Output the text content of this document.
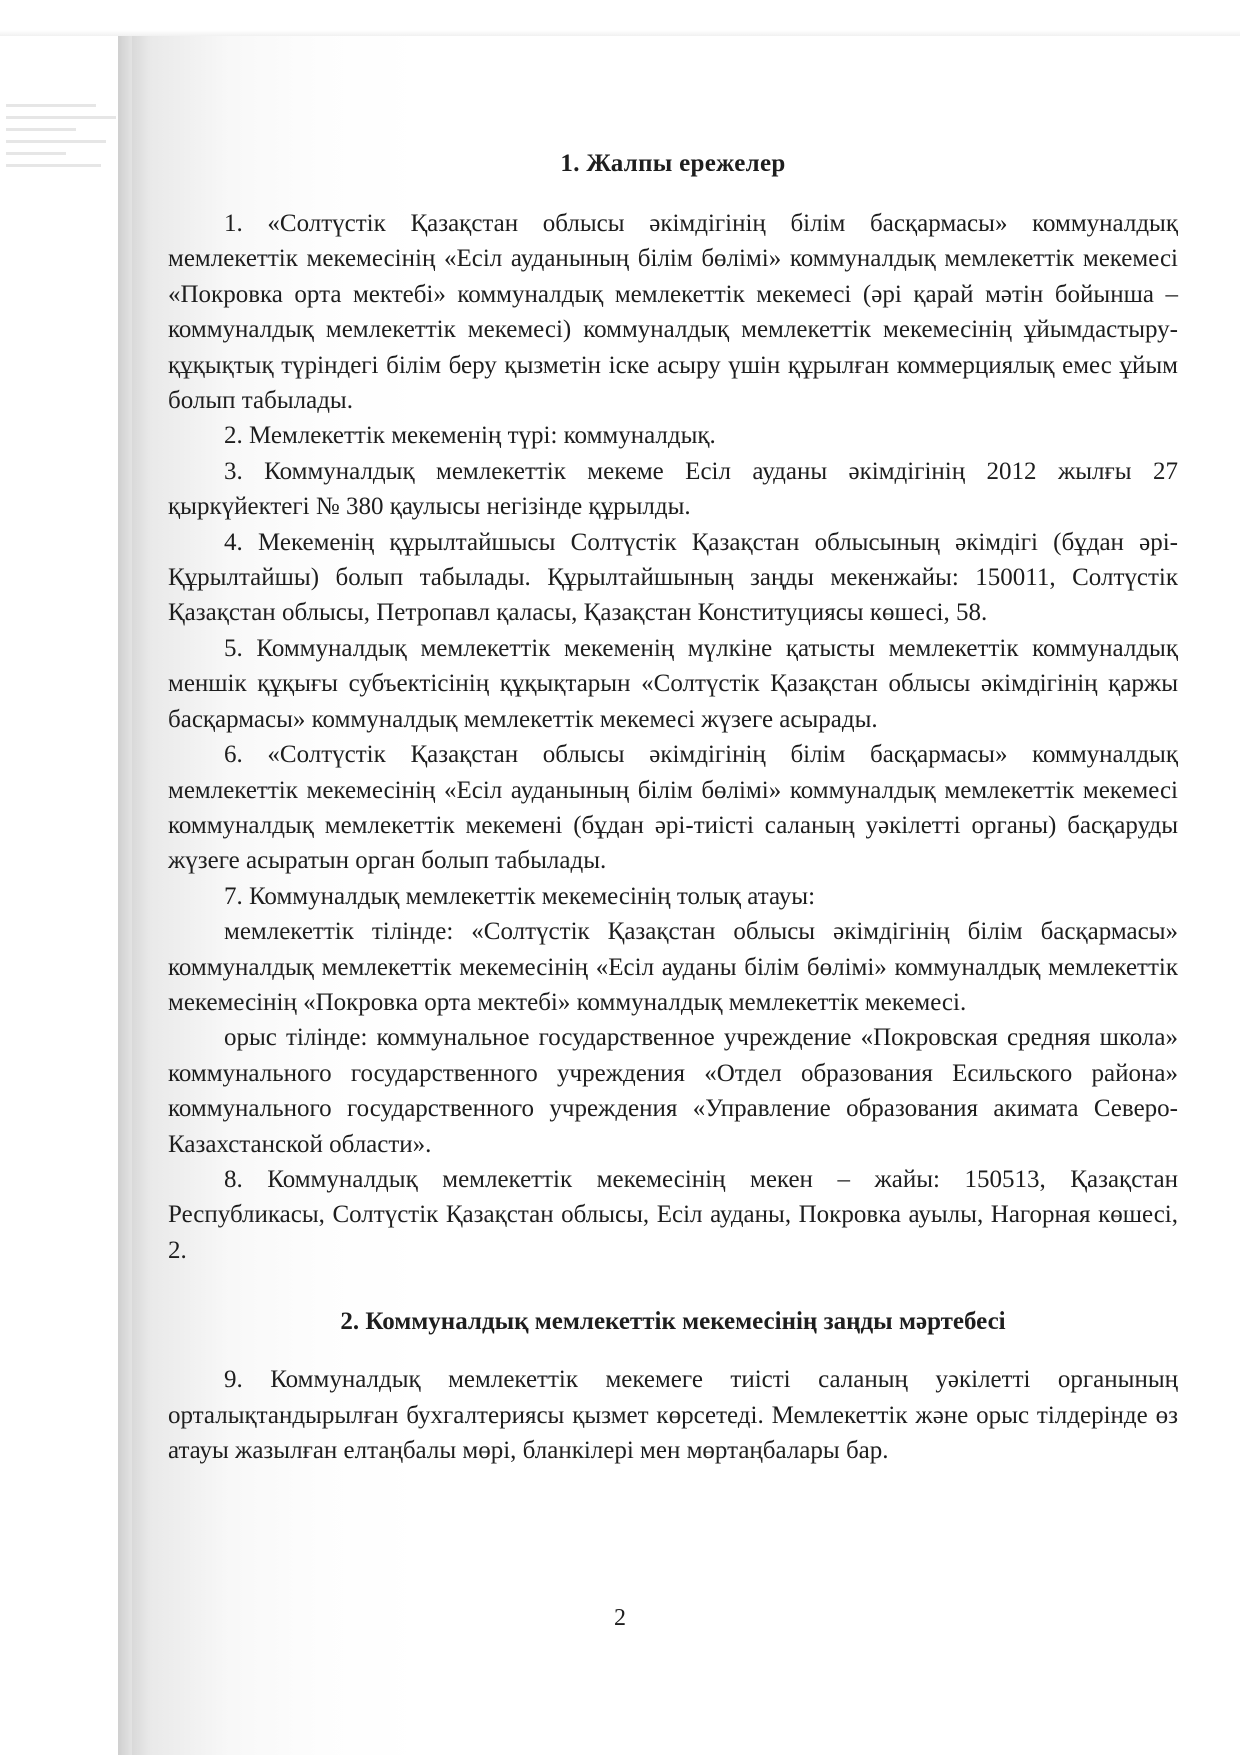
1. Жалпы ережелер

1. «Солтүстік Қазақстан облысы әкімдігінің білім басқармасы» коммуналдық мемлекеттік мекемесінің «Есіл ауданының білім бөлімі» коммуналдық мемлекеттік мекемесі «Покровка орта мектебі» коммуналдық мемлекеттік мекемесі (әрі қарай мәтін бойынша – коммуналдық мемлекеттік мекемесі) коммуналдық мемлекеттік мекемесінің ұйымдастыру-құқықтық түріндегі білім беру қызметін іске асыру үшін құрылған коммерциялық емес ұйым болып табылады.

2. Мемлекеттік мекеменің түрі: коммуналдық.

3. Коммуналдық мемлекеттік мекеме Есіл ауданы әкімдігінің 2012 жылғы 27 қыркүйектегі № 380 қаулысы негізінде құрылды.

4. Мекеменің құрылтайшысы Солтүстік Қазақстан облысының әкімдігі (бұдан әрі-Құрылтайшы) болып табылады. Құрылтайшының заңды мекенжайы: 150011, Солтүстік Қазақстан облысы, Петропавл қаласы, Қазақстан Конституциясы көшесі, 58.

5. Коммуналдық мемлекеттік мекеменің мүлкіне қатысты мемлекеттік коммуналдық меншік құқығы субъектісінің құқықтарын «Солтүстік Қазақстан облысы әкімдігінің қаржы басқармасы» коммуналдық мемлекеттік мекемесі жүзеге асырады.

6. «Солтүстік Қазақстан облысы әкімдігінің білім басқармасы» коммуналдық мемлекеттік мекемесінің «Есіл ауданының білім бөлімі» коммуналдық мемлекеттік мекемесі коммуналдық мемлекеттік мекемені (бұдан әрі-тиісті саланың уәкілетті органы) басқаруды жүзеге асыратын орган болып табылады.

7. Коммуналдық мемлекеттік мекемесінің толық атауы:

мемлекеттік тілінде: «Солтүстік Қазақстан облысы әкімдігінің білім басқармасы» коммуналдық мемлекеттік мекемесінің «Есіл ауданы білім бөлімі» коммуналдық мемлекеттік мекемесінің «Покровка орта мектебі» коммуналдық мемлекеттік мекемесі.

орыс тілінде: коммунальное государственное учреждение «Покровская средняя школа» коммунального государственного учреждения «Отдел образования Есильского района» коммунального государственного учреждения «Управление образования акимата Северо-Казахстанской области».

8. Коммуналдық мемлекеттік мекемесінің мекен – жайы: 150513, Қазақстан Республикасы, Солтүстік Қазақстан облысы, Есіл ауданы, Покровка ауылы, Нагорная көшесі, 2.

2. Коммуналдық мемлекеттік мекемесінің заңды мәртебесі

9. Коммуналдық мемлекеттік мекемеге тиісті саланың уәкілетті органының орталықтандырылған бухгалтериясы қызмет көрсетеді. Мемлекеттік және орыс тілдерінде өз атауы жазылған елтаңбалы мөрі, бланкілері мен мөртаңбалары бар.

2
